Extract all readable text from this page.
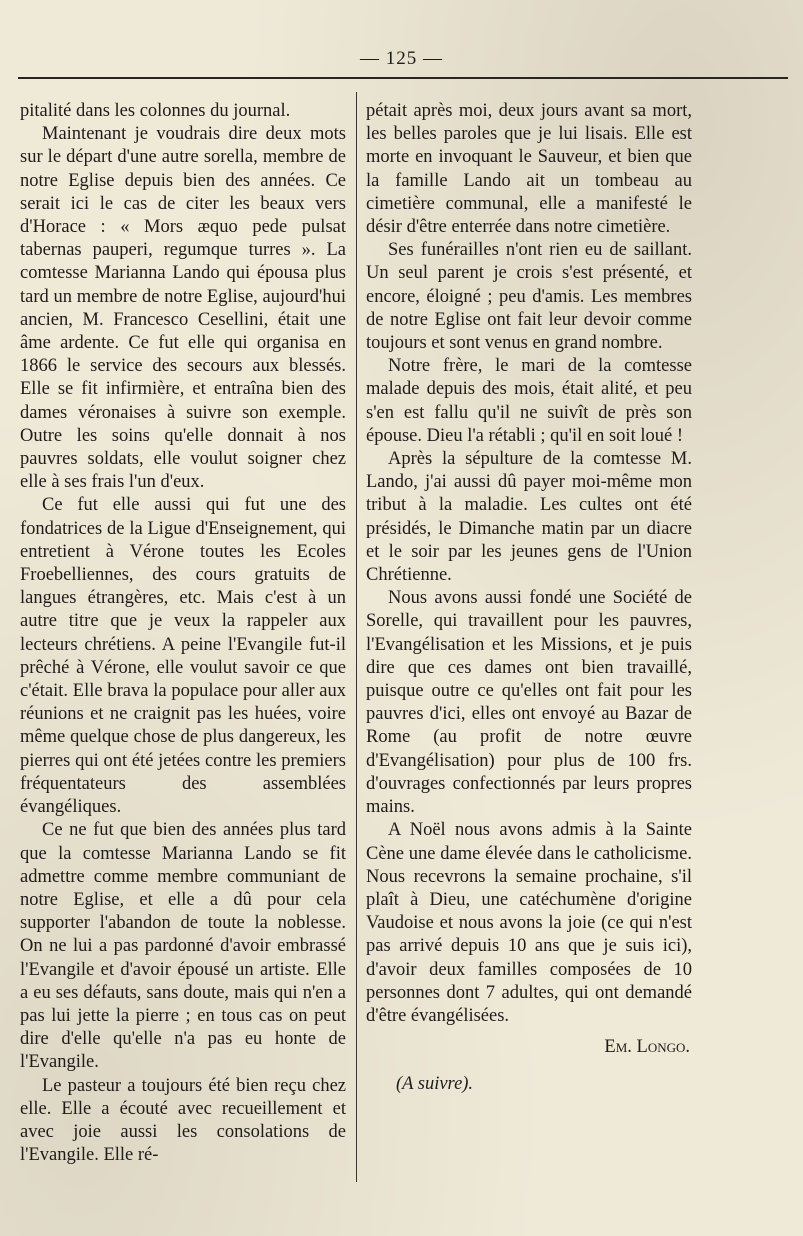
— 125 —

pitalité dans les colonnes du journal.

Maintenant je voudrais dire deux mots sur le départ d'une autre sorella, membre de notre Eglise depuis bien des années. Ce serait ici le cas de citer les beaux vers d'Horace : « Mors æquo pede pulsat tabernas pauperi, regumque turres ». La comtesse Marianna Lando qui épousa plus tard un membre de notre Eglise, aujourd'hui ancien, M. Francesco Cesellini, était une âme ardente. Ce fut elle qui organisa en 1866 le service des secours aux blessés. Elle se fit infirmière, et entraîna bien des dames véronaises à suivre son exemple. Outre les soins qu'elle donnait à nos pauvres soldats, elle voulut soigner chez elle à ses frais l'un d'eux.

Ce fut elle aussi qui fut une des fondatrices de la Ligue d'Enseignement, qui entretient à Vérone toutes les Ecoles Froebelliennes, des cours gratuits de langues étrangères, etc. Mais c'est à un autre titre que je veux la rappeler aux lecteurs chrétiens. A peine l'Evangile fut-il prêché à Vérone, elle voulut savoir ce que c'était. Elle brava la populace pour aller aux réunions et ne craignit pas les huées, voire même quelque chose de plus dangereux, les pierres qui ont été jetées contre les premiers fréquentateurs des assemblées évangéliques.

Ce ne fut que bien des années plus tard que la comtesse Marianna Lando se fit admettre comme membre communiant de notre Eglise, et elle a dû pour cela supporter l'abandon de toute la noblesse. On ne lui a pas pardonné d'avoir embrassé l'Evangile et d'avoir épousé un artiste. Elle a eu ses défauts, sans doute, mais qui n'en a pas lui jette la pierre ; en tous cas on peut dire d'elle qu'elle n'a pas eu honte de l'Evangile.

Le pasteur a toujours été bien reçu chez elle. Elle a écouté avec recueillement et avec joie aussi les consolations de l'Evangile. Elle ré-

pétait après moi, deux jours avant sa mort, les belles paroles que je lui lisais. Elle est morte en invoquant le Sauveur, et bien que la famille Lando ait un tombeau au cimetière communal, elle a manifesté le désir d'être enterrée dans notre cimetière.

Ses funérailles n'ont rien eu de saillant. Un seul parent je crois s'est présenté, et encore, éloigné ; peu d'amis. Les membres de notre Eglise ont fait leur devoir comme toujours et sont venus en grand nombre.

Notre frère, le mari de la comtesse malade depuis des mois, était alité, et peu s'en est fallu qu'il ne suivît de près son épouse. Dieu l'a rétabli ; qu'il en soit loué !

Après la sépulture de la comtesse M. Lando, j'ai aussi dû payer moi-même mon tribut à la maladie. Les cultes ont été présidés, le Dimanche matin par un diacre et le soir par les jeunes gens de l'Union Chrétienne.

Nous avons aussi fondé une Société de Sorelle, qui travaillent pour les pauvres, l'Evangélisation et les Missions, et je puis dire que ces dames ont bien travaillé, puisque outre ce qu'elles ont fait pour les pauvres d'ici, elles ont envoyé au Bazar de Rome (au profit de notre œuvre d'Evangélisation) pour plus de 100 frs. d'ouvrages confectionnés par leurs propres mains.

A Noël nous avons admis à la Sainte Cène une dame élevée dans le catholicisme. Nous recevrons la semaine prochaine, s'il plaît à Dieu, une catéchumène d'origine Vaudoise et nous avons la joie (ce qui n'est pas arrivé depuis 10 ans que je suis ici), d'avoir deux familles composées de 10 personnes dont 7 adultes, qui ont demandé d'être évangélisées.

Em. Longo.
(A suivre).
